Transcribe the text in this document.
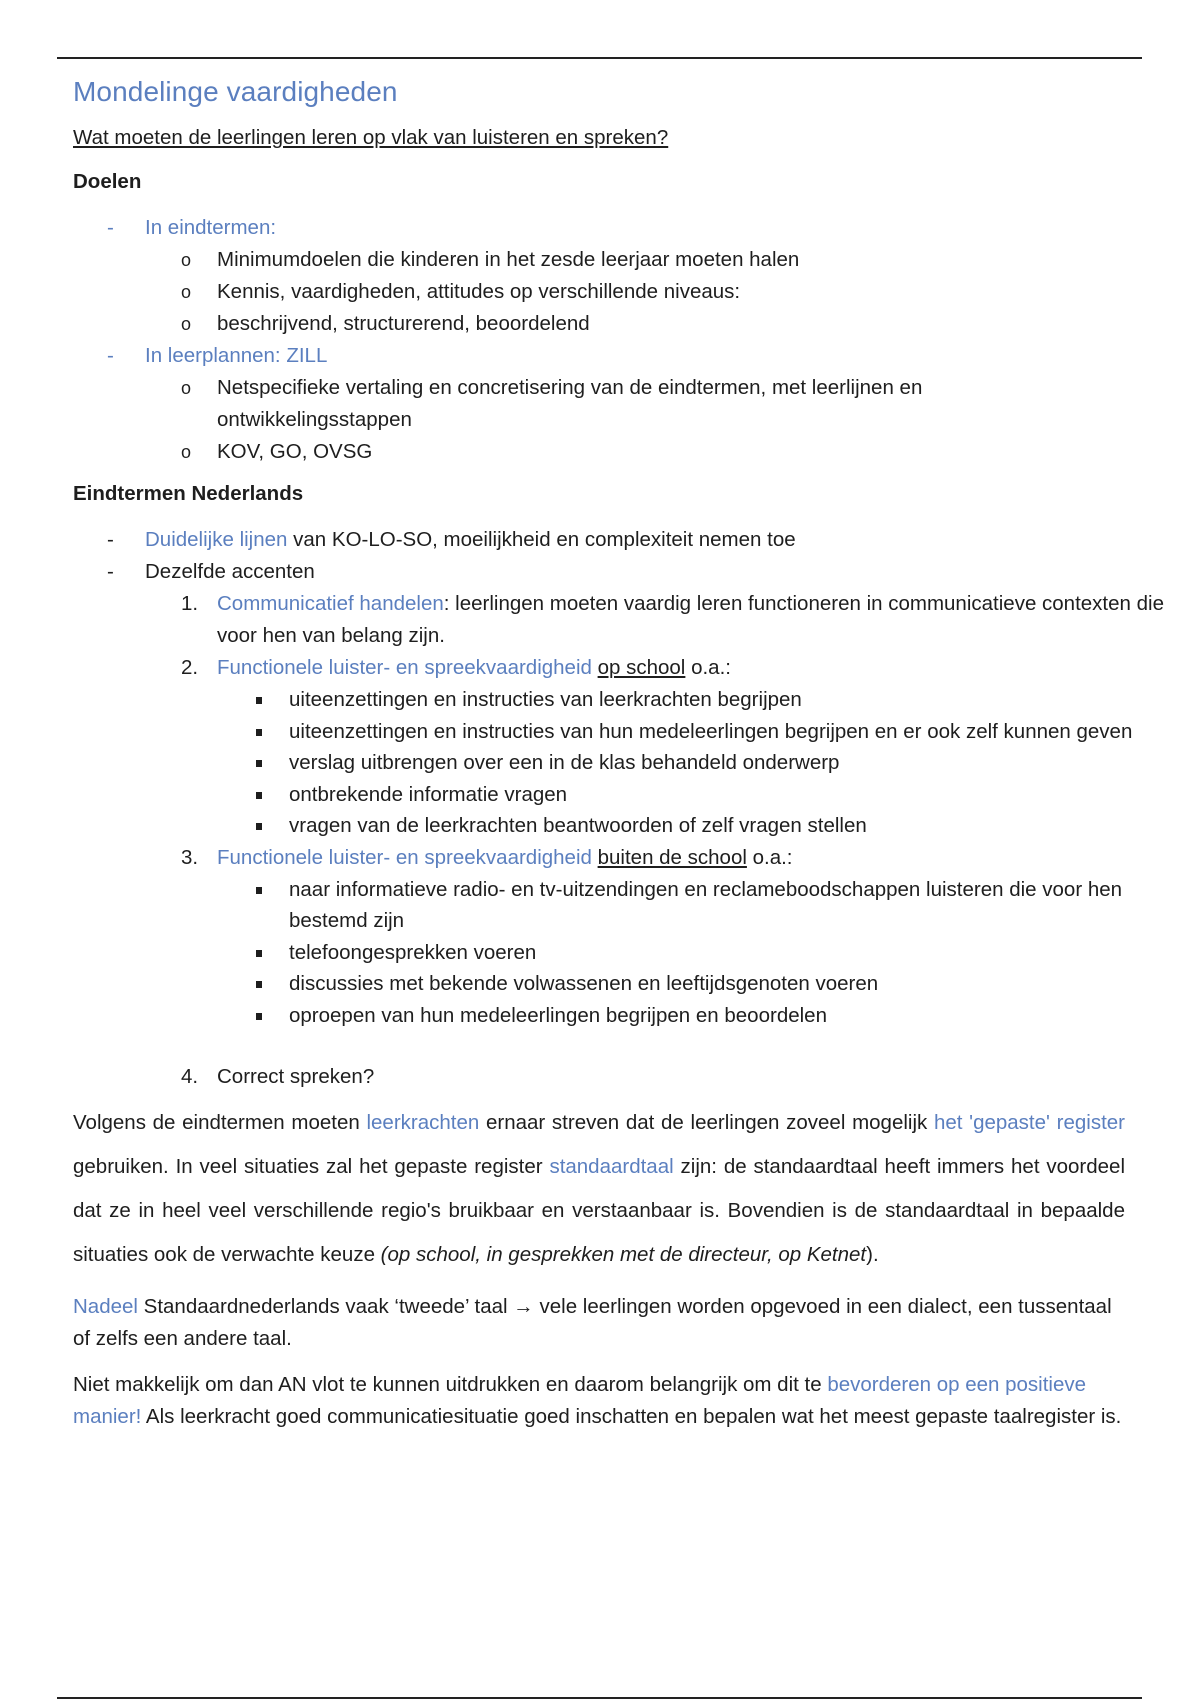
Mondelinge vaardigheden
Wat moeten de leerlingen leren op vlak van luisteren en spreken?
Doelen
- In eindtermen:
o Minimumdoelen die kinderen in het zesde leerjaar moeten halen
o Kennis, vaardigheden, attitudes op verschillende niveaus:
o beschrijvend, structurerend, beoordelend
- In leerplannen: ZILL
o Netspecifieke vertaling en concretisering van de eindtermen, met leerlijnen en ontwikkelingsstappen
o KOV, GO, OVSG
Eindtermen Nederlands
- Duidelijke lijnen van KO-LO-SO, moeilijkheid en complexiteit nemen toe
- Dezelfde accenten
1. Communicatief handelen: leerlingen moeten vaardig leren functioneren in communicatieve contexten die voor hen van belang zijn.
2. Functionele luister- en spreekvaardigheid op school o.a.:
uiteenzettingen en instructies van leerkrachten begrijpen
uiteenzettingen en instructies van hun medeleerlingen begrijpen en er ook zelf kunnen geven
verslag uitbrengen over een in de klas behandeld onderwerp
ontbrekende informatie vragen
vragen van de leerkrachten beantwoorden of zelf vragen stellen
3. Functionele luister- en spreekvaardigheid buiten de school o.a.:
naar informatieve radio- en tv-uitzendingen en reclameboodschappen luisteren die voor hen bestemd zijn
telefoongesprekken voeren
discussies met bekende volwassenen en leeftijdsgenoten voeren
oproepen van hun medeleerlingen begrijpen en beoordelen
4. Correct spreken?
Volgens de eindtermen moeten leerkrachten ernaar streven dat de leerlingen zoveel mogelijk het 'gepaste' register gebruiken. In veel situaties zal het gepaste register standaardtaal zijn: de standaardtaal heeft immers het voordeel dat ze in heel veel verschillende regio's bruikbaar en verstaanbaar is. Bovendien is de standaardtaal in bepaalde situaties ook de verwachte keuze (op school, in gesprekken met de directeur, op Ketnet).
Nadeel Standaardnederlands vaak ‘tweede’ taal → vele leerlingen worden opgevoed in een dialect, een tussentaal of zelfs een andere taal.
Niet makkelijk om dan AN vlot te kunnen uitdrukken en daarom belangrijk om dit te bevorderen op een positieve manier! Als leerkracht goed communicatiesituatie goed inschatten en bepalen wat het meest gepaste taalregister is.
